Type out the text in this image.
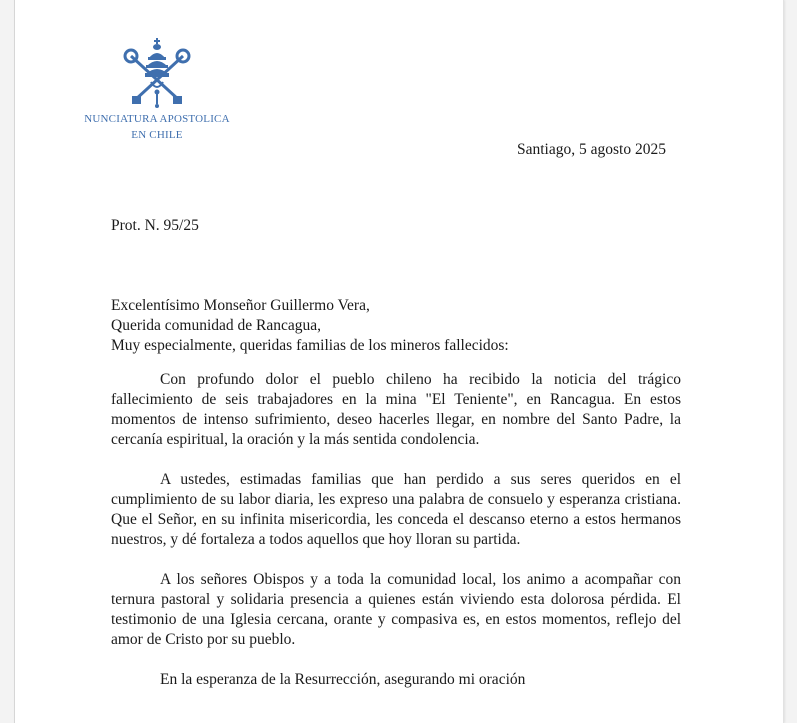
NUNCIATURA APOSTOLICA
EN CHILE
Santiago, 5 agosto 2025
Prot. N. 95/25
Excelentísimo Monseñor Guillermo Vera,
Querida comunidad de Rancagua,
Muy especialmente, queridas familias de los mineros fallecidos:

Con profundo dolor el pueblo chileno ha recibido la noticia del trágico fallecimiento de seis trabajadores en la mina "El Teniente", en Rancagua. En estos momentos de intenso sufrimiento, deseo hacerles llegar, en nombre del Santo Padre, la cercanía espiritual, la oración y la más sentida condolencia.

A ustedes, estimadas familias que han perdido a sus seres queridos en el cumplimiento de su labor diaria, les expreso una palabra de consuelo y esperanza cristiana. Que el Señor, en su infinita misericordia, les conceda el descanso eterno a estos hermanos nuestros, y dé fortaleza a todos aquellos que hoy lloran su partida.

A los señores Obispos y a toda la comunidad local, los animo a acompañar con ternura pastoral y solidaria presencia a quienes están viviendo esta dolorosa pérdida. El testimonio de una Iglesia cercana, orante y compasiva es, en estos momentos, reflejo del amor de Cristo por su pueblo.

En la esperanza de la Resurrección, asegurando mi oración
